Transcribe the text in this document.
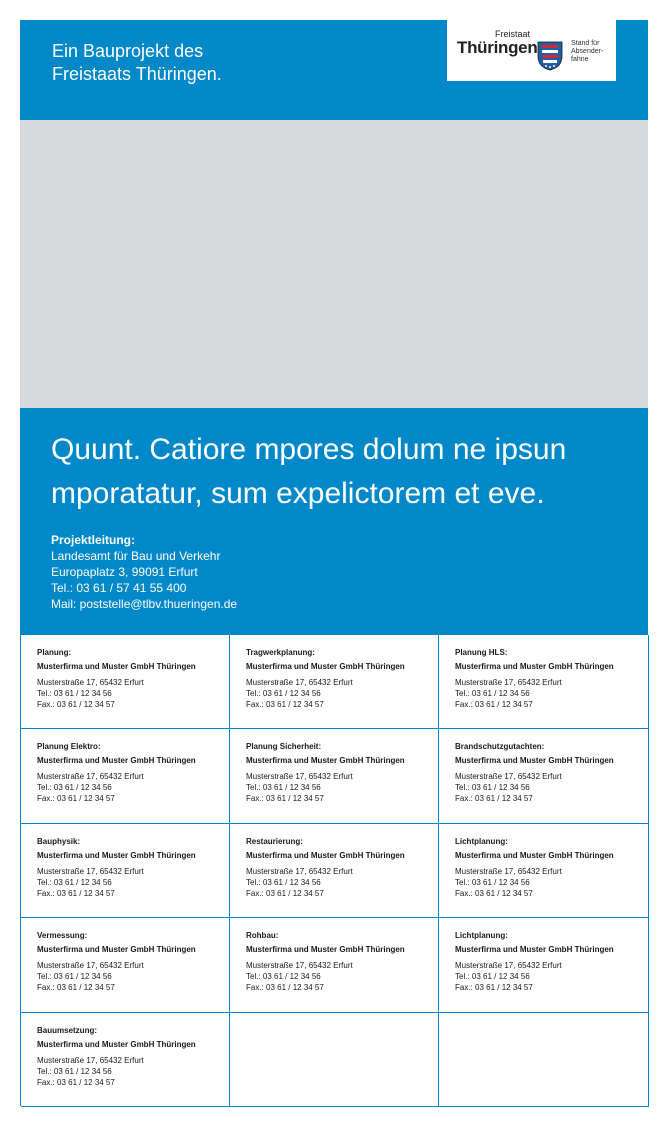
Ein Bauprojekt des
Freistaats Thüringen.
Freistaat
Thüringen	Stand für
Absender-
fahne
Quunt. Catiore mpores dolum ne ipsun
mporatatur, sum expelictorem et eve.
Projektleitung:
Landesamt für Bau und Verkehr
Europaplatz 3, 99091 Erfurt
Tel.: 03 61 / 57 41 55 400
Mail: poststelle@tlbv.thueringen.de
Planung:
Musterfirma und Muster GmbH Thüringen
Musterstraße 17, 65432 Erfurt
Tel.: 03 61 / 12 34 56
Fax.: 03 61 / 12 34 57
Tragwerkplanung:
Musterfirma und Muster GmbH Thüringen
Musterstraße 17, 65432 Erfurt
Tel.: 03 61 / 12 34 56
Fax.: 03 61 / 12 34 57
Planung HLS:
Musterfirma und Muster GmbH Thüringen
Musterstraße 17, 65432 Erfurt
Tel.: 03 61 / 12 34 56
Fax.: 03 61 / 12 34 57
Planung Elektro:
Musterfirma und Muster GmbH Thüringen
Musterstraße 17, 65432 Erfurt
Tel.: 03 61 / 12 34 56
Fax.: 03 61 / 12 34 57
Planung Sicherheit:
Musterfirma und Muster GmbH Thüringen
Musterstraße 17, 65432 Erfurt
Tel.: 03 61 / 12 34 56
Fax.: 03 61 / 12 34 57
Brandschutzgutachten:
Musterfirma und Muster GmbH Thüringen
Musterstraße 17, 65432 Erfurt
Tel.: 03 61 / 12 34 56
Fax.: 03 61 / 12 34 57
Bauphysik:
Musterfirma und Muster GmbH Thüringen
Musterstraße 17, 65432 Erfurt
Tel.: 03 61 / 12 34 56
Fax.: 03 61 / 12 34 57
Restaurierung:
Musterfirma und Muster GmbH Thüringen
Musterstraße 17, 65432 Erfurt
Tel.: 03 61 / 12 34 56
Fax.: 03 61 / 12 34 57
Lichtplanung:
Musterfirma und Muster GmbH Thüringen
Musterstraße 17, 65432 Erfurt
Tel.: 03 61 / 12 34 56
Fax.: 03 61 / 12 34 57
Vermessung:
Musterfirma und Muster GmbH Thüringen
Musterstraße 17, 65432 Erfurt
Tel.: 03 61 / 12 34 56
Fax.: 03 61 / 12 34 57
Rohbau:
Musterfirma und Muster GmbH Thüringen
Musterstraße 17, 65432 Erfurt
Tel.: 03 61 / 12 34 56
Fax.: 03 61 / 12 34 57
Lichtplanung:
Musterfirma und Muster GmbH Thüringen
Musterstraße 17, 65432 Erfurt
Tel.: 03 61 / 12 34 56
Fax.: 03 61 / 12 34 57
Bauumsetzung:
Musterfirma und Muster GmbH Thüringen
Musterstraße 17, 65432 Erfurt
Tel.: 03 61 / 12 34 56
Fax.: 03 61 / 12 34 57
